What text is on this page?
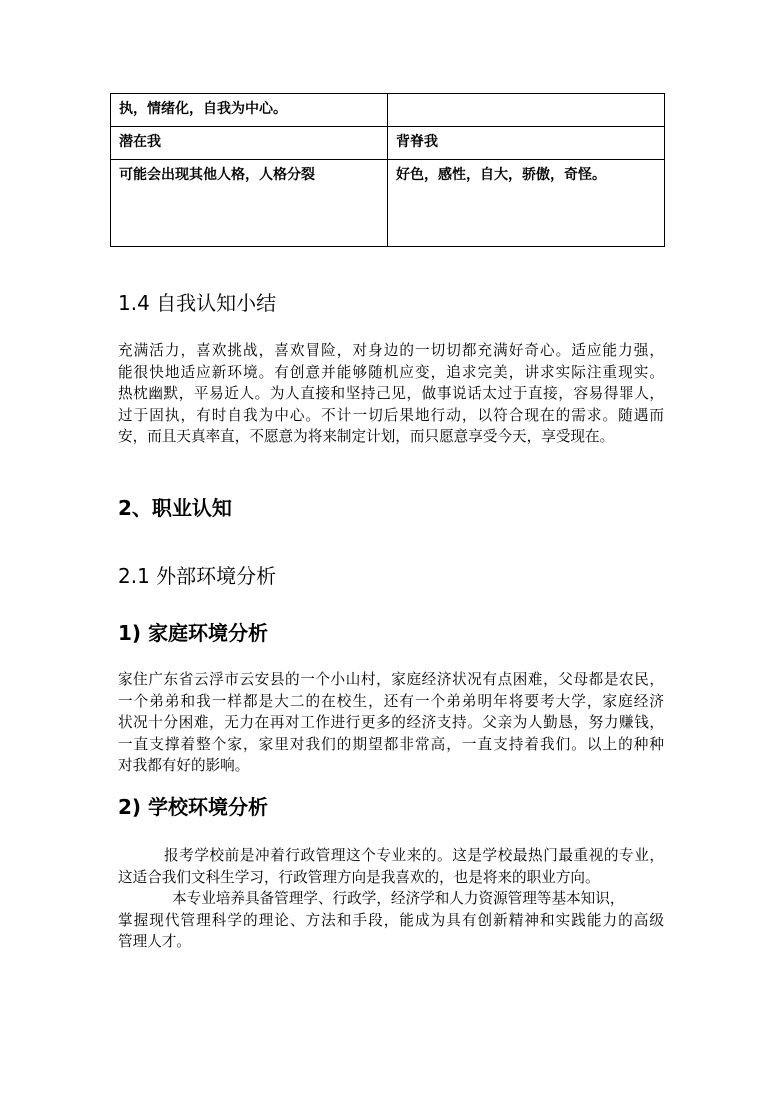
执，情绪化，自我为中心。	
潜在我	背脊我
可能会出现其他人格，人格分裂	好色，感性，自大，骄傲，奇怪。
1.4 自我认知小结
充满活力，喜欢挑战，喜欢冒险，对身边的一切切都充满好奇心。适应能力强，
能很快地适应新环境。有创意并能够随机应变，追求完美，讲求实际注重现实。
热枕幽默，平易近人。为人直接和坚持己见，做事说话太过于直接，容易得罪人，
过于固执，有时自我为中心。不计一切后果地行动，以符合现在的需求。随遇而
安，而且天真率直，不愿意为将来制定计划，而只愿意享受今天，享受现在。
2、职业认知
2.1 外部环境分析
1) 家庭环境分析
家住广东省云浮市云安县的一个小山村，家庭经济状况有点困难，父母都是农民，
一个弟弟和我一样都是大二的在校生，还有一个弟弟明年将要考大学，家庭经济
状况十分困难，无力在再对工作进行更多的经济支持。父亲为人勤恳，努力赚钱，
一直支撑着整个家，家里对我们的期望都非常高，一直支持着我们。以上的种种
对我都有好的影响。
2) 学校环境分析
报考学校前是冲着行政管理这个专业来的。这是学校最热门最重视的专业，
这适合我们文科生学习，行政管理方向是我喜欢的，也是将来的职业方向。
本专业培养具备管理学、行政学，经济学和人力资源管理等基本知识，
掌握现代管理科学的理论、方法和手段，能成为具有创新精神和实践能力的高级
管理人才。
